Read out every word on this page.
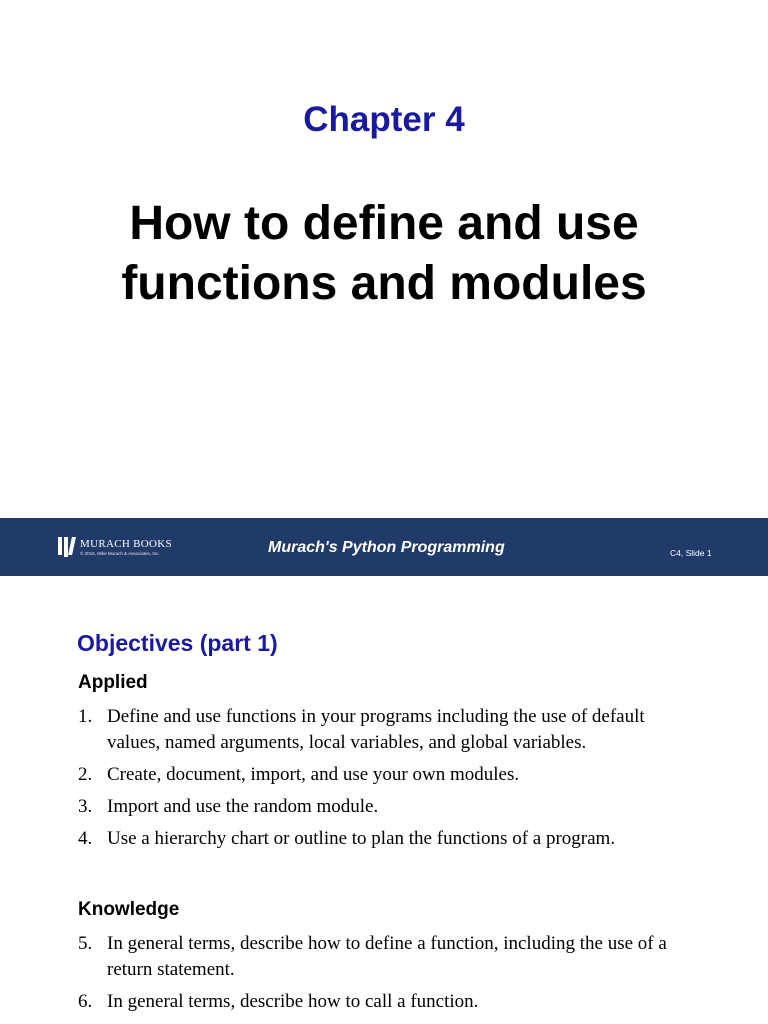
Chapter 4
How to define and use
functions and modules
MURACH BOOKS
© 2016, Mike Murach & Associates, Inc.	Murach's Python Programming	C4, Slide 1
Objectives (part 1)
Applied
1. Define and use functions in your programs including the use of default values, named arguments, local variables, and global variables.
2. Create, document, import, and use your own modules.
3. Import and use the random module.
4. Use a hierarchy chart or outline to plan the functions of a program.
Knowledge
5. In general terms, describe how to define a function, including the use of a return statement.
6. In general terms, describe how to call a function.
